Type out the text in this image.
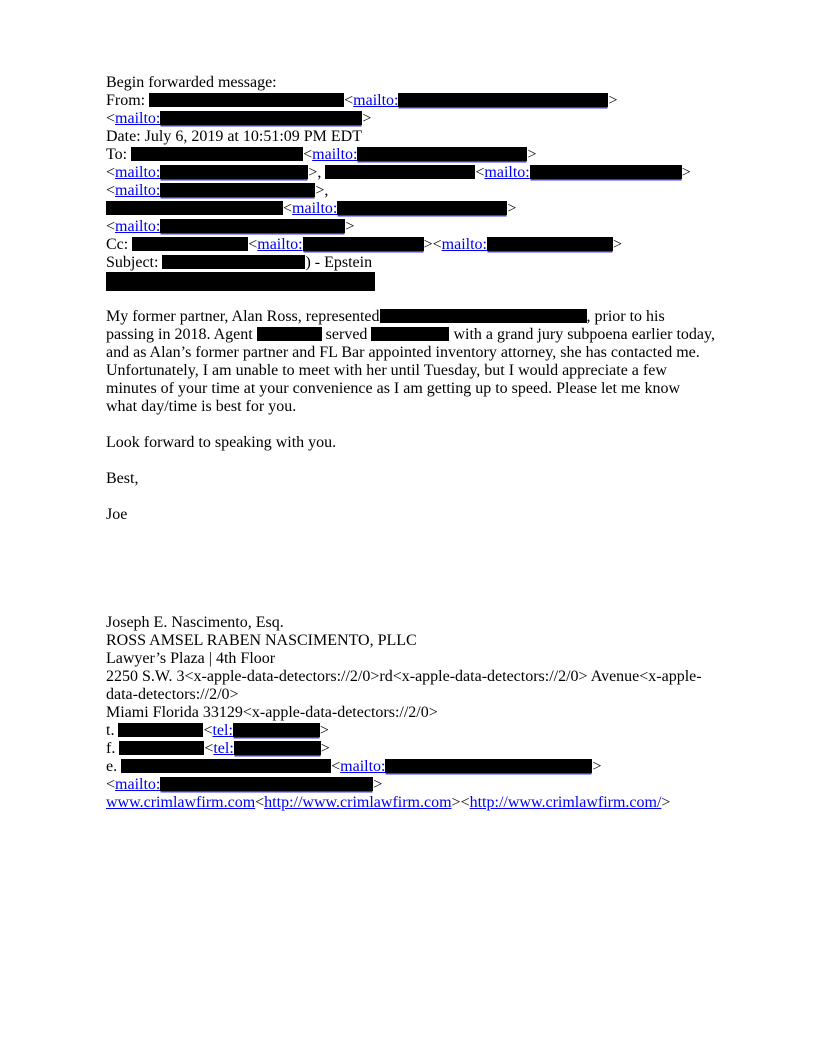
Begin forwarded message:
From:	<mailto:	>
<mailto:	>
Date: July 6, 2019 at 10:51:09 PM EDT
To:	<mailto:	>
<mailto:	>,	<mailto:	>
<mailto:	>,
<mailto:	>
<mailto:	>
Cc:	<mailto:	><mailto:	>
Subject:	) - Epstein
My former partner, Alan Ross, represented	, prior to his
passing in 2018. Agent	served	with a grand jury subpoena earlier today,
and as Alan’s former partner and FL Bar appointed inventory attorney, she has contacted me.
Unfortunately, I am unable to meet with her until Tuesday, but I would appreciate a few
minutes of your time at your convenience as I am getting up to speed. Please let me know
what day/time is best for you.
Look forward to speaking with you.
Best,
Joe
Joseph E. Nascimento, Esq.
ROSS AMSEL RABEN NASCIMENTO, PLLC
Lawyer’s Plaza | 4th Floor
2250 S.W. 3<x-apple-data-detectors://2/0>rd<x-apple-data-detectors://2/0> Avenue<x-apple-
data-detectors://2/0>
Miami Florida 33129<x-apple-data-detectors://2/0>
t.	<tel:	>
f.	<tel:	>
e.	<mailto:	>
<mailto:	>
www.crimlawfirm.com<http://www.crimlawfirm.com><http://www.crimlawfirm.com/>
